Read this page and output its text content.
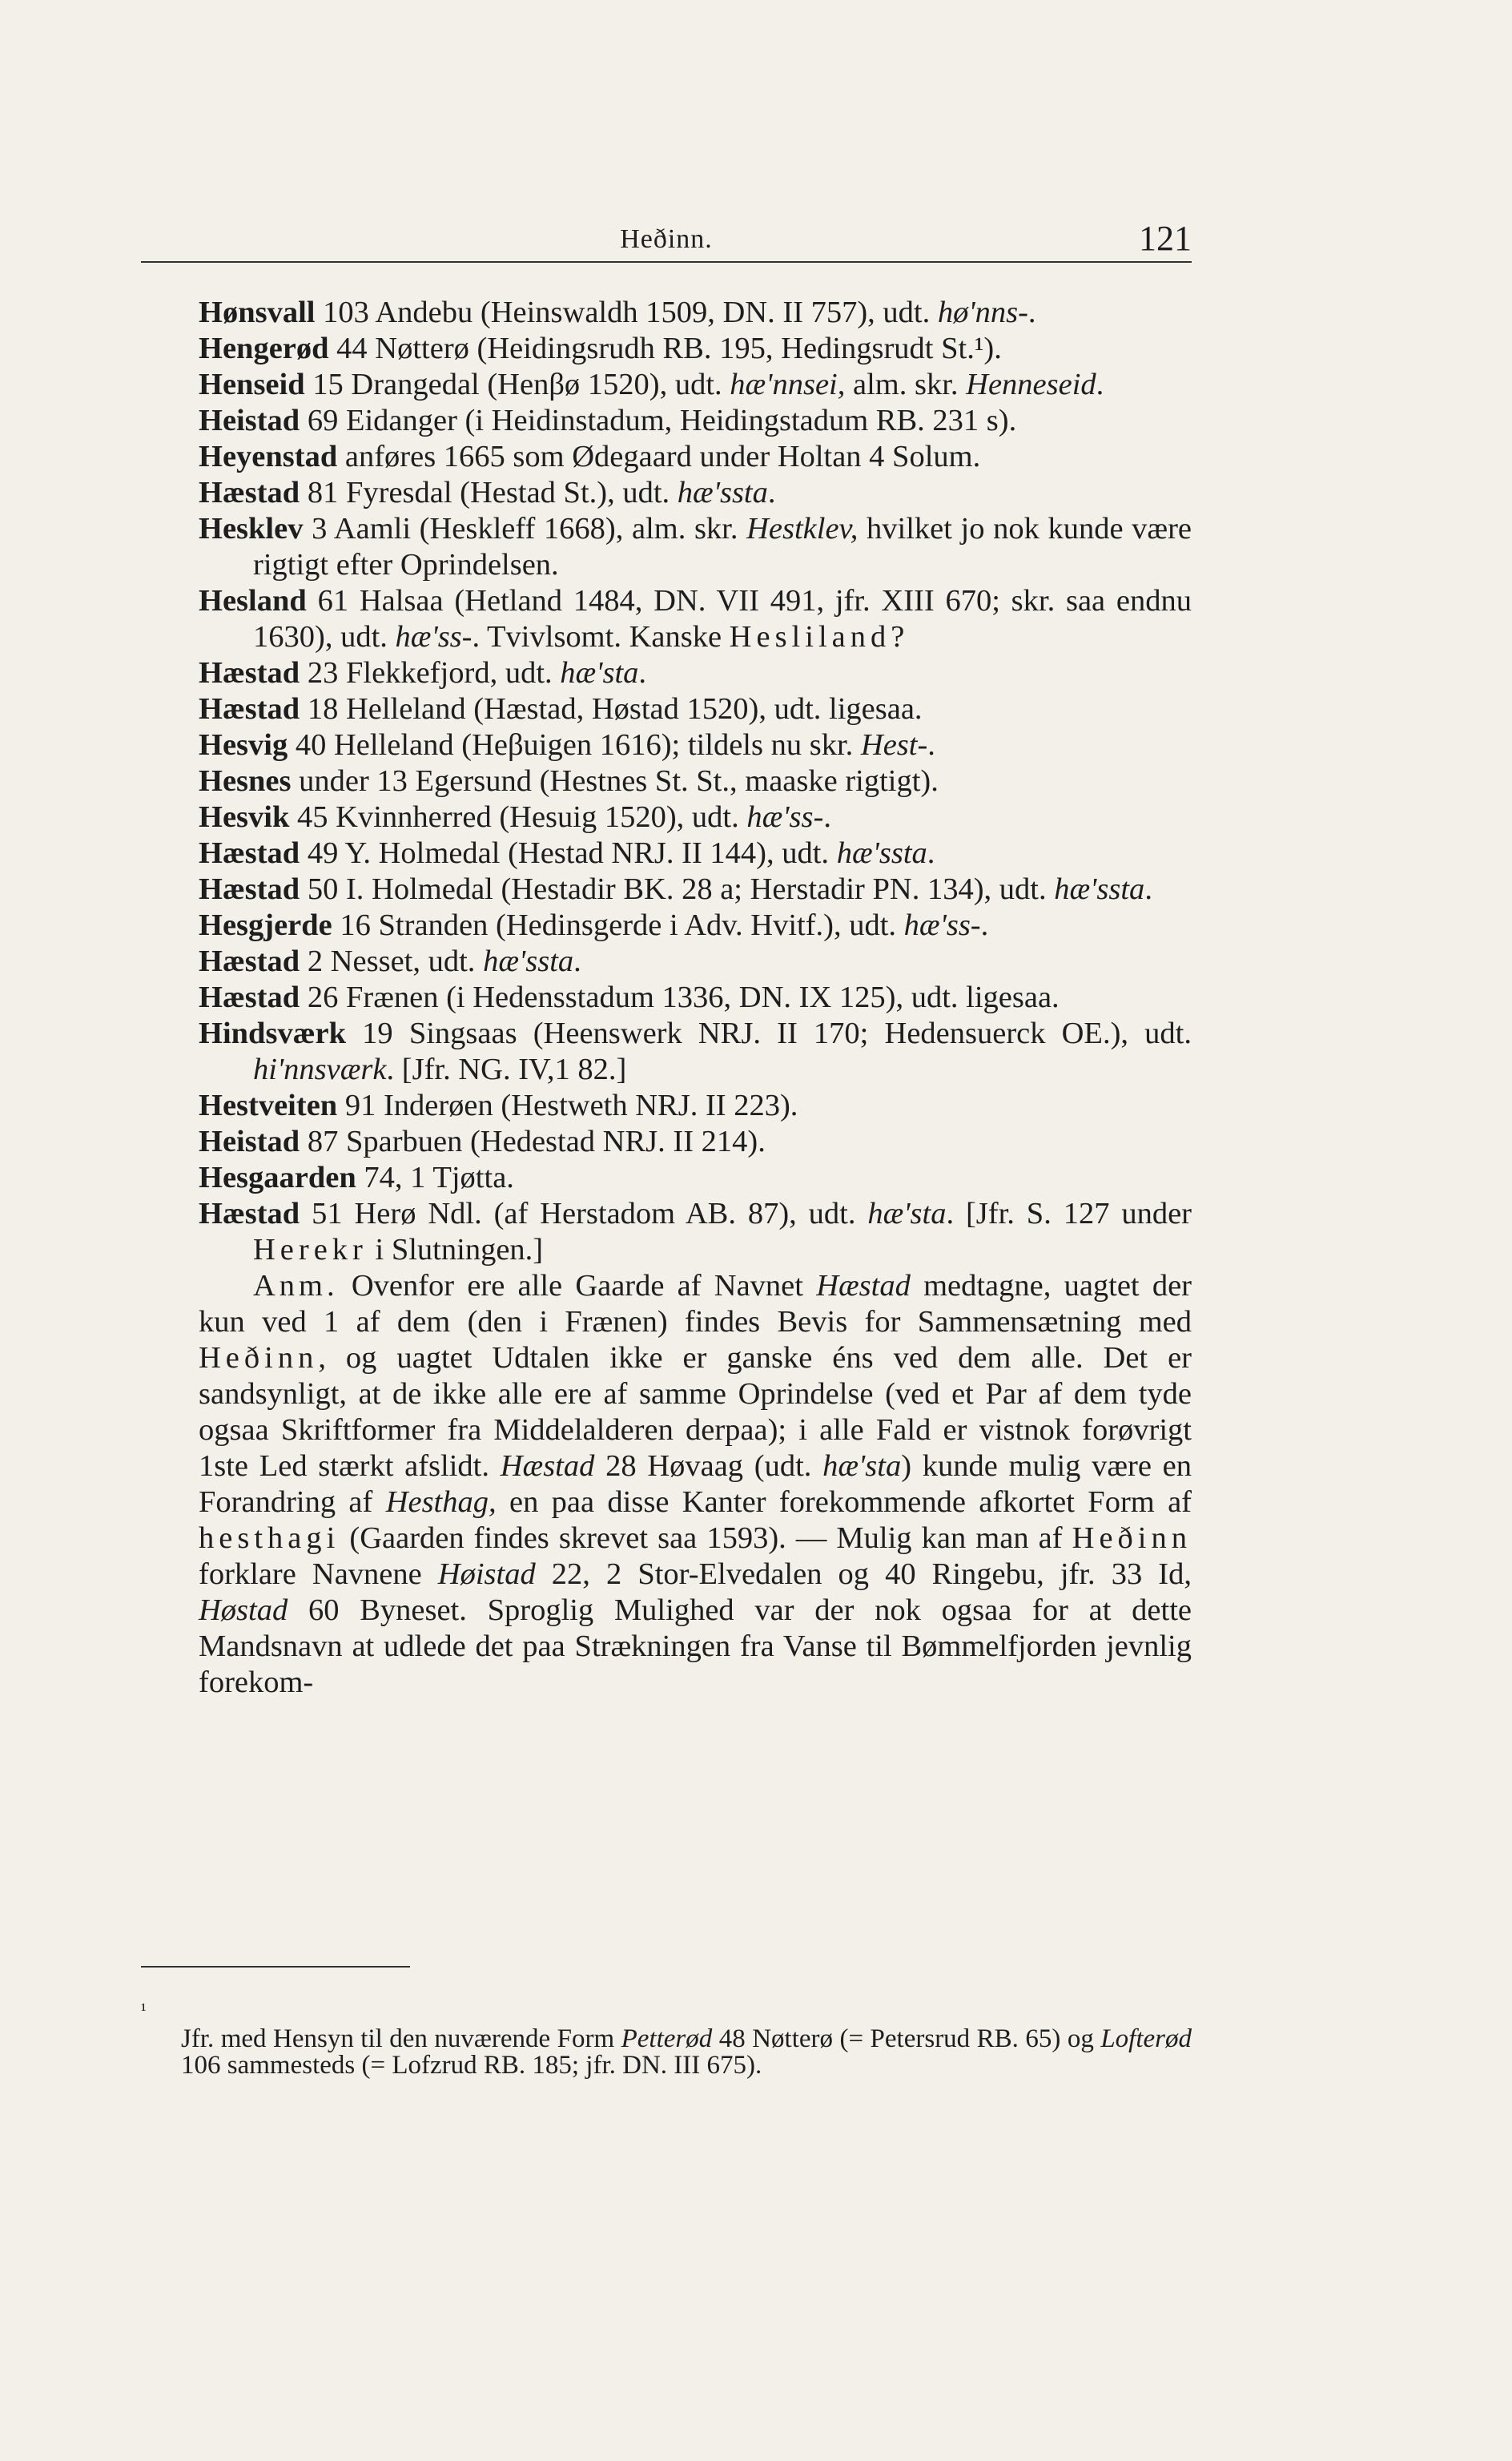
Heðinn.	121

Hønsvall 103 Andebu (Heinswaldh 1509, DN. II 757), udt. hø'nns-.

Hengerød 44 Nøtterø (Heidingsrudh RB. 195, Hedingsrudt St.¹).

Henseid 15 Drangedal (Henβø 1520), udt. hæ'nnsei, alm. skr. Henneseid.

Heistad 69 Eidanger (i Heidinstadum, Heidingstadum RB. 231 s).

Heyenstad anføres 1665 som Ødegaard under Holtan 4 Solum.

Hæstad 81 Fyresdal (Hestad St.), udt. hæ'ssta.

Hesklev 3 Aamli (Heskleff 1668), alm. skr. Hestklev, hvilket jo nok kunde være rigtigt efter Oprindelsen.

Hesland 61 Halsaa (Hetland 1484, DN. VII 491, jfr. XIII 670; skr. saa endnu 1630), udt. hæ'ss-. Tvivlsomt. Kanske Hesliland?

Hæstad 23 Flekkefjord, udt. hæ'sta.

Hæstad 18 Helleland (Hæstad, Høstad 1520), udt. ligesaa.

Hesvig 40 Helleland (Heβuigen 1616); tildels nu skr. Hest-.

Hesnes under 13 Egersund (Hestnes St. St., maaske rigtigt).

Hesvik 45 Kvinnherred (Hesuig 1520), udt. hæ'ss-.

Hæstad 49 Y. Holmedal (Hestad NRJ. II 144), udt. hæ'ssta.

Hæstad 50 I. Holmedal (Hestadir BK. 28 a; Herstadir PN. 134), udt. hæ'ssta.

Hesgjerde 16 Stranden (Hedinsgerde i Adv. Hvitf.), udt. hæ'ss-.

Hæstad 2 Nesset, udt. hæ'ssta.

Hæstad 26 Frænen (i Hedensstadum 1336, DN. IX 125), udt. ligesaa.

Hindsværk 19 Singsaas (Heenswerk NRJ. II 170; Hedensuerck OE.), udt. hi'nnsværk. [Jfr. NG. IV,1 82.]

Hestveiten 91 Inderøen (Hestweth NRJ. II 223).

Heistad 87 Sparbuen (Hedestad NRJ. II 214).

Hesgaarden 74, 1 Tjøtta.

Hæstad 51 Herø Ndl. (af Herstadom AB. 87), udt. hæ'sta. [Jfr. S. 127 under Herekr i Slutningen.]

Anm. Ovenfor ere alle Gaarde af Navnet Hæstad medtagne, uagtet der kun ved 1 af dem (den i Frænen) findes Bevis for Sammensætning med Heðinn, og uagtet Udtalen ikke er ganske éns ved dem alle. Det er sandsynligt, at de ikke alle ere af samme Oprindelse (ved et Par af dem tyde ogsaa Skriftformer fra Middelalderen derpaa); i alle Fald er vistnok forøvrigt 1ste Led stærkt afslidt. Hæstad 28 Høvaag (udt. hæ'sta) kunde mulig være en Forandring af Hesthag, en paa disse Kanter forekommende afkortet Form af hesthagi (Gaarden findes skrevet saa 1593). — Mulig kan man af Heðinn forklare Navnene Høistad 22, 2 Stor-Elvedalen og 40 Ringebu, jfr. 33 Id, Høstad 60 Byneset. Sproglig Mulighed var der nok ogsaa for at dette Mandsnavn at udlede det paa Strækningen fra Vanse til Bømmelfjorden jevnlig forekom-

¹

Jfr. med Hensyn til den nuværende Form Petterød 48 Nøtterø (= Petersrud RB. 65) og Lofterød 106 sammesteds (= Lofzrud RB. 185; jfr. DN. III 675).
